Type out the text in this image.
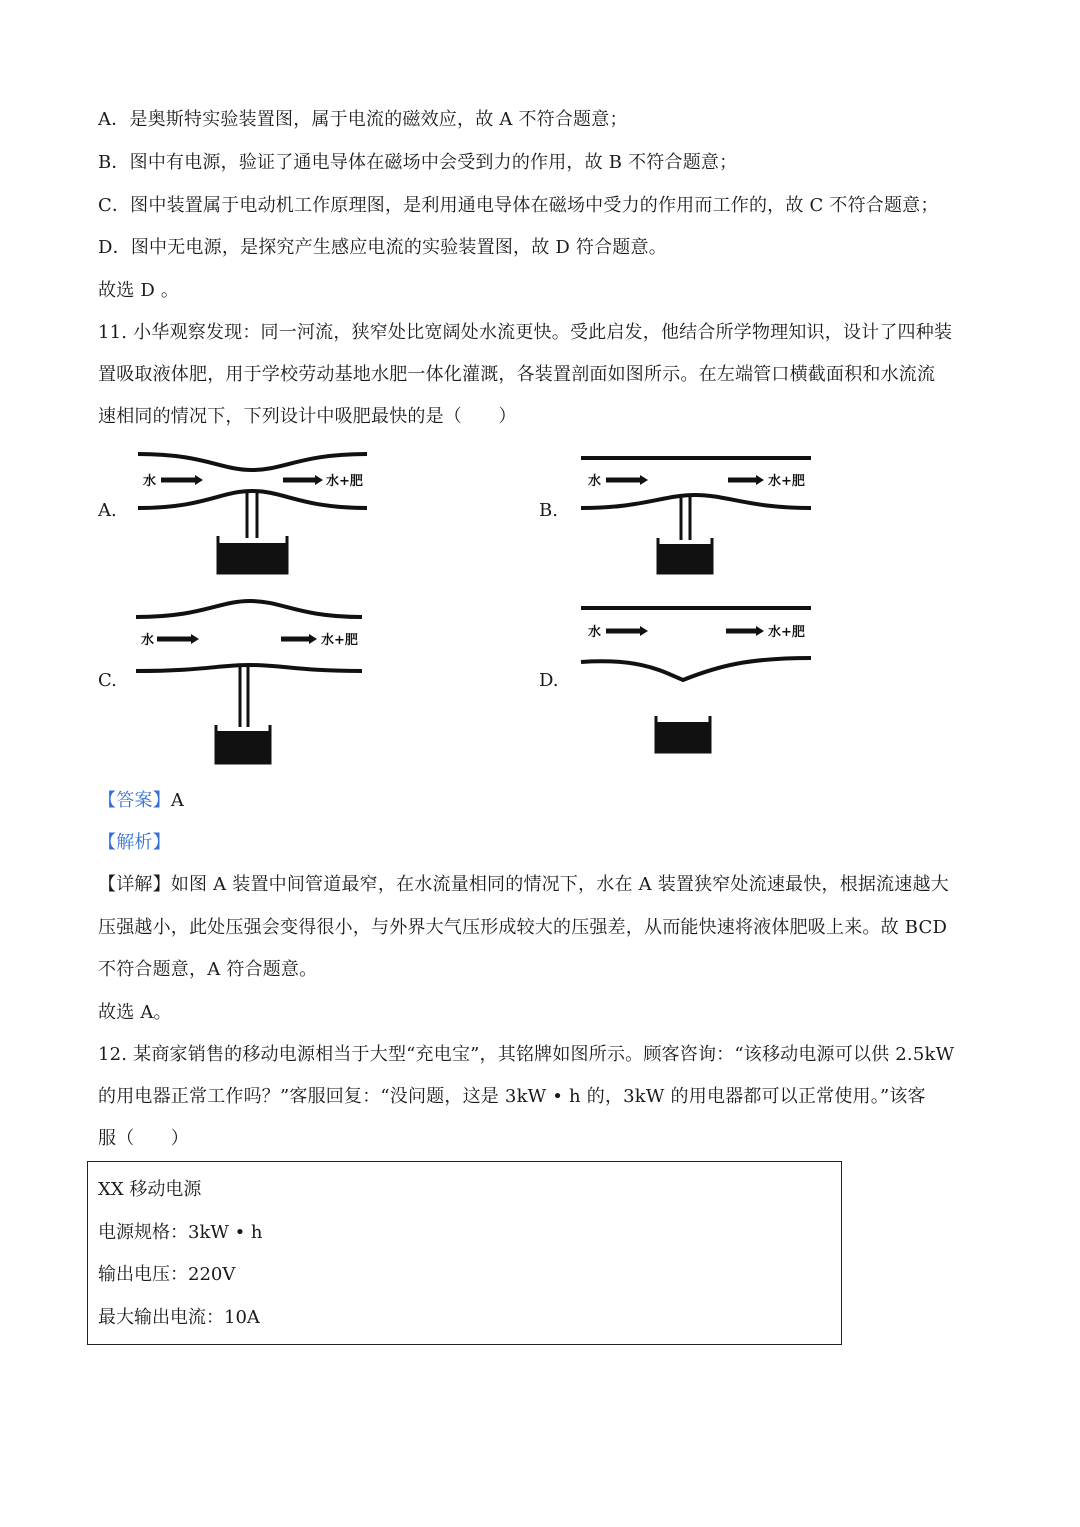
A．是奥斯特实验装置图，属于电流的磁效应，故 A 不符合题意；
B．图中有电源，验证了通电导体在磁场中会受到力的作用，故 B 不符合题意；
C．图中装置属于电动机工作原理图，是利用通电导体在磁场中受力的作用而工作的，故 C 不符合题意；
D．图中无电源，是探究产生感应电流的实验装置图，故 D 符合题意。
故选 D 。
11. 小华观察发现：同一河流，狭窄处比宽阔处水流更快。受此启发，他结合所学物理知识，设计了四种装
置吸取液体肥，用于学校劳动基地水肥一体化灌溉，各装置剖面如图所示。在左端管口横截面积和水流流
速相同的情况下，下列设计中吸肥最快的是（　　）
A.	B.
C.	D.
水	水+肥	水	水+肥
水	水+肥
水	水+肥
【答案】A
【解析】
【详解】如图 A 装置中间管道最窄，在水流量相同的情况下，水在 A 装置狭窄处流速最快，根据流速越大
压强越小，此处压强会变得很小，与外界大气压形成较大的压强差，从而能快速将液体肥吸上来。故 BCD
不符合题意，A 符合题意。
故选 A。
12. 某商家销售的移动电源相当于大型“充电宝”，其铭牌如图所示。顾客咨询：“该移动电源可以供 2.5kW
的用电器正常工作吗？”客服回复：“没问题，这是 3kW • h 的，3kW 的用电器都可以正常使用。”该客
服（　　）
XX 移动电源
电源规格：3kW • h
输出电压：220V
最大输出电流：10A
